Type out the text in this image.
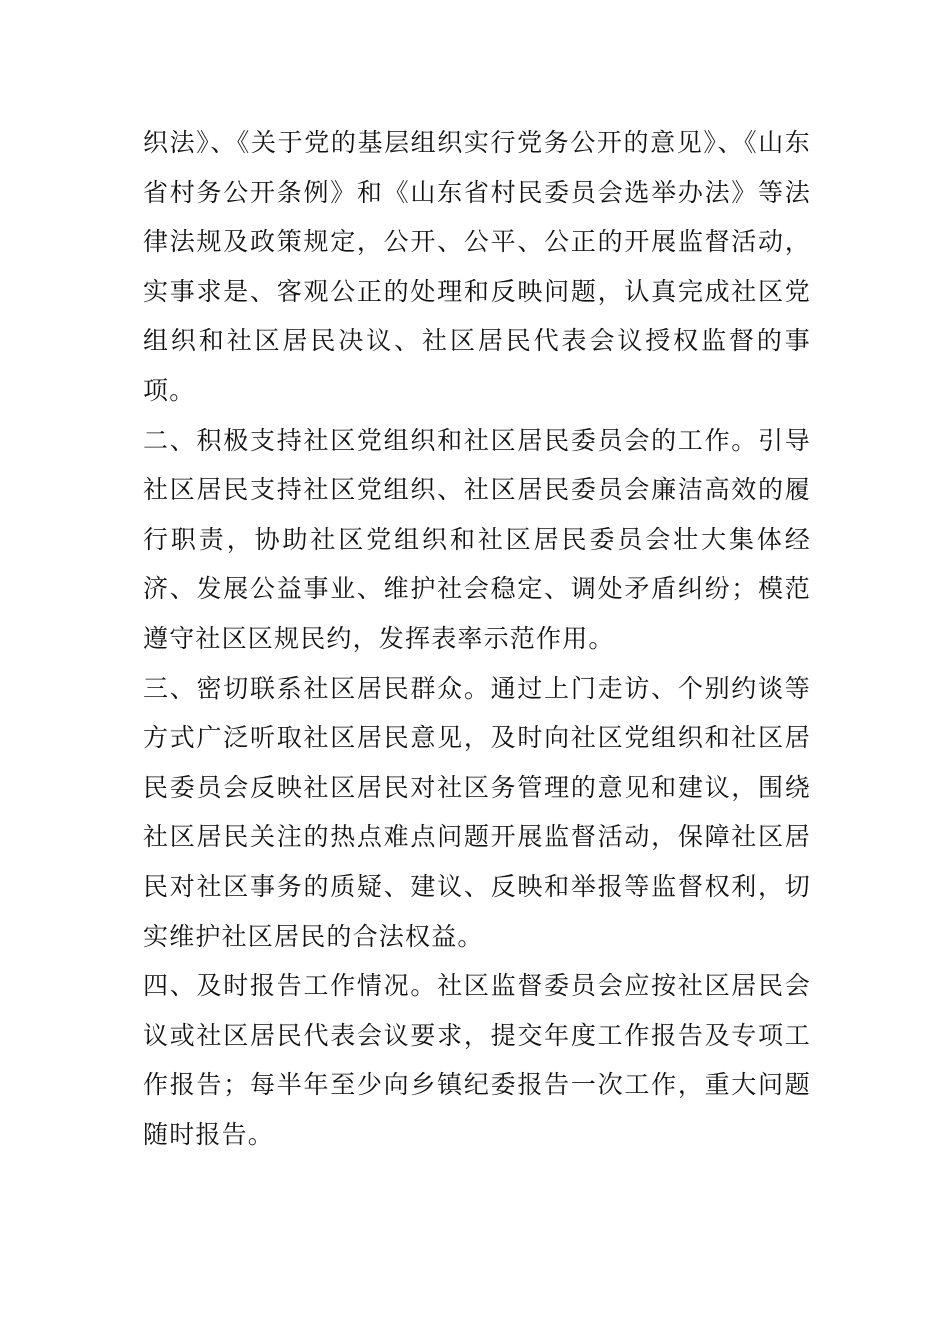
织法》、《关于党的基层组织实行党务公开的意见》、《山东省村务公开条例》和《山东省村民委员会选举办法》等法律法规及政策规定，公开、公平、公正的开展监督活动，实事求是、客观公正的处理和反映问题，认真完成社区党组织和社区居民决议、社区居民代表会议授权监督的事项。

二、积极支持社区党组织和社区居民委员会的工作。引导社区居民支持社区党组织、社区居民委员会廉洁高效的履行职责，协助社区党组织和社区居民委员会壮大集体经济、发展公益事业、维护社会稳定、调处矛盾纠纷；模范遵守社区区规民约，发挥表率示范作用。

三、密切联系社区居民群众。通过上门走访、个别约谈等方式广泛听取社区居民意见，及时向社区党组织和社区居民委员会反映社区居民对社区务管理的意见和建议，围绕社区居民关注的热点难点问题开展监督活动，保障社区居民对社区事务的质疑、建议、反映和举报等监督权利，切实维护社区居民的合法权益。

四、及时报告工作情况。社区监督委员会应按社区居民会议或社区居民代表会议要求，提交年度工作报告及专项工作报告；每半年至少向乡镇纪委报告一次工作，重大问题随时报告。
